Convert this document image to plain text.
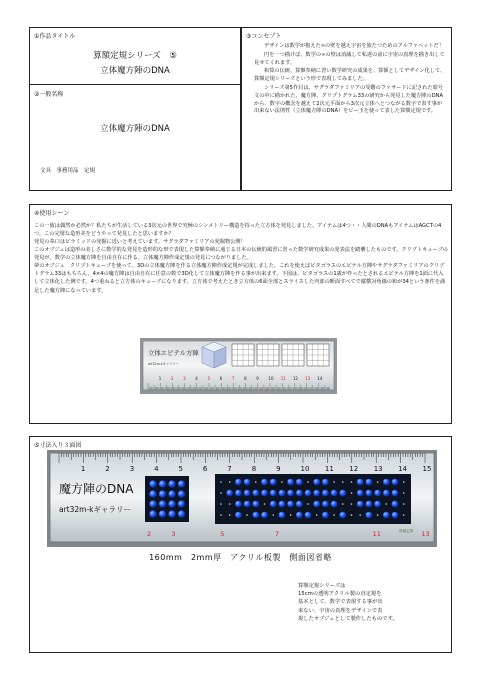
①作品タイトル
算額定規シリーズ　⑤
立体魔方陣のDNA
②一般名称
立体魔方陣のDNA
文具　事務用品　定規
③コンセプト

デザインは数学が抱えた∞の壁を越え宇宙を旅たつためのアルファベットだ！

円を一つ描けば、数学の∞の壁は消滅して私達の前に宇宙の真理を描き出して見せてくれます。

和算の伝統、算額奉納に習い数学研究の成果を、算額としてデザイン化して、算額定規シリーズという形で表現してみました。

シリーズ第5作目は、サグラダファミリアの受難のファサードに記された暗号文の中に描かれた、魔方陣、グリプトグラム33の研究から発見した魔方陣のDNAから、数字の概念を越えて2次元平面から3次元立体へとつながる数字で表す事が出来ない法則性（立体魔方陣のDNA）をビー玉を使って表した算額定規です。

④使用シーン

この一致は偶然か必然か？私たちが生活している3次元の世界で究極のシンメトリー構造を持った立方体を発見しました。アイテムは4つ・・人間のDNAもアイテムはAGCTの4つ。この完璧な造形美をどうやって発見したと思いますか？

発見の糸口はピラミッドの発掘に近いと考えています。サグラダファミリアの発掘物公開！

このオブジェは造形の美しさに数学的な発見を造形的な形で表現した算額奉納に通じる日本の伝統的風習に習った数学研究成果の発表法を踏襲したものです。クリプトキューブの発見が、数学の立体魔方陣を自由自在に作る、立体魔方陣作成定規の発見につながりました。

夢のオブジェ　クリプトキューブを使って、3Dの立体魔方陣を作る立体魔方陣作成定規が完成しました。これを使えばピタゴラスのエピテル方陣やサグラダファミリアのクリプトグラム33はもちろん、4×4の魔方陣は自由自在に任意の数で3D化して立体魔方陣を作る事が出来ます。下図は、ピタゴラスの1歳が作ったとされるエピテル方陣を1面に代入して立体化した例です。4つ重ねると立方体のキューブになります。立方体で考えたとき立方体の6面全部とスライスした内部の断面すべてで縦横対角線の和が34という条件を満足した魔方陣になっています。

立体エピテル方陣
art32m-kギャラリー
1 2 3 4 5 6 7 8 9 10 11 12 13 14
⑤寸法入り３面図
魔方陣のDNA
art32m-kギャラリー
1	2	3	4	5	6	7	8	9	10 11 12 13 14 15
2	3	5	7	11	13
算額定規
160mm　2mm厚　アクリル板製　側面図省略
算額定規シリーズは
15cmの透明アクリル製の直定規を
基本として、数学で表現する事が出
来ない、宇宙の真理をデザインで表
現したオブジェとして製作したものです。
